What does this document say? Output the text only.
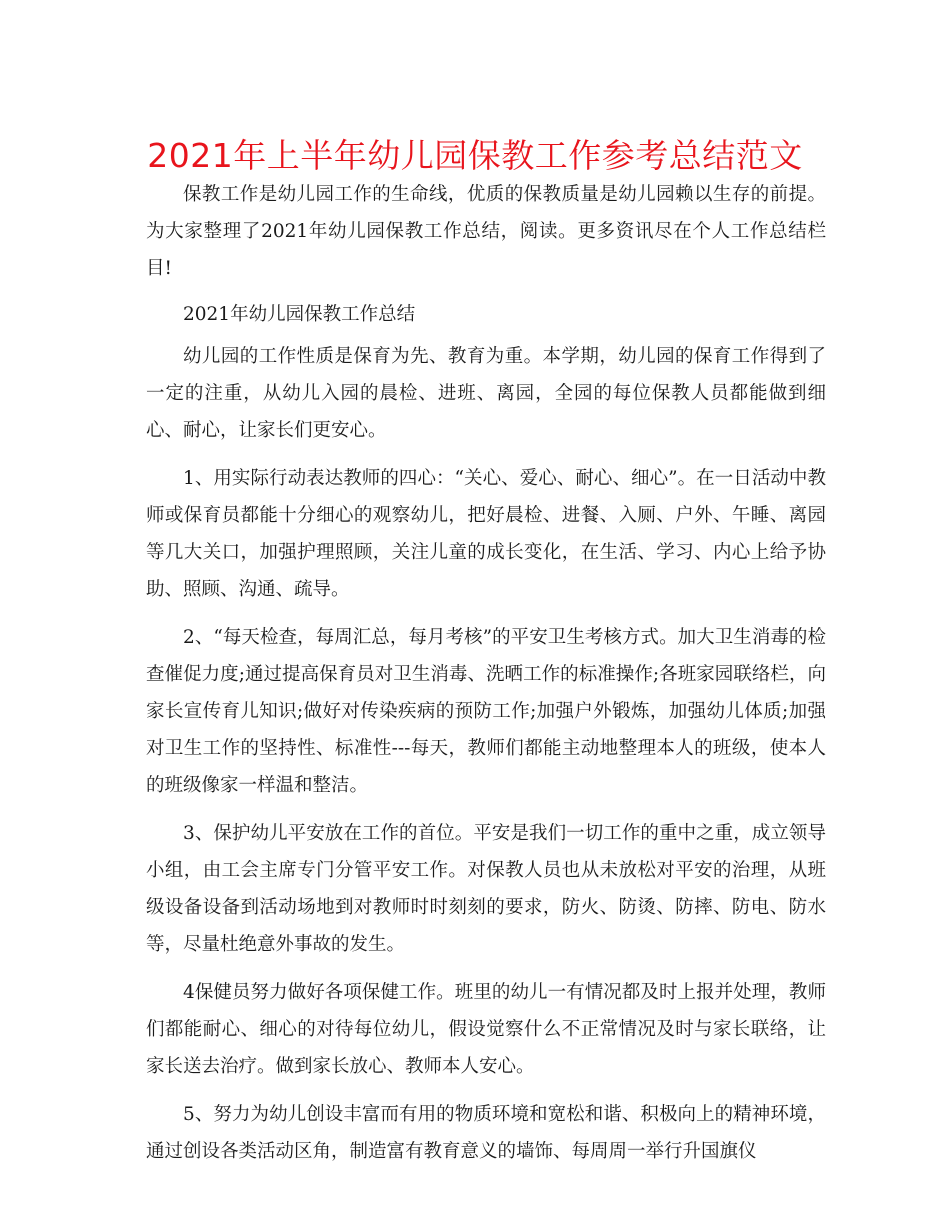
2021年上半年幼儿园保教工作参考总结范文

保教工作是幼儿园工作的生命线，优质的保教质量是幼儿园赖以生存的前提。为大家整理了2021年幼儿园保教工作总结，阅读。更多资讯尽在个人工作总结栏目!

2021年幼儿园保教工作总结

幼儿园的工作性质是保育为先、教育为重。本学期，幼儿园的保育工作得到了一定的注重，从幼儿入园的晨检、进班、离园，全园的每位保教人员都能做到细心、耐心，让家长们更安心。

1、用实际行动表达教师的四心：“关心、爱心、耐心、细心”。在一日活动中教师或保育员都能十分细心的观察幼儿，把好晨检、进餐、入厕、户外、午睡、离园等几大关口，加强护理照顾，关注儿童的成长变化，在生活、学习、内心上给予协助、照顾、沟通、疏导。

2、“每天检查，每周汇总，每月考核”的平安卫生考核方式。加大卫生消毒的检查催促力度;通过提高保育员对卫生消毒、洗晒工作的标准操作;各班家园联络栏，向家长宣传育儿知识;做好对传染疾病的预防工作;加强户外锻炼，加强幼儿体质;加强对卫生工作的坚持性、标准性---每天，教师们都能主动地整理本人的班级，使本人的班级像家一样温和整洁。

3、保护幼儿平安放在工作的首位。平安是我们一切工作的重中之重，成立领导小组，由工会主席专门分管平安工作。对保教人员也从未放松对平安的治理，从班级设备设备到活动场地到对教师时时刻刻的要求，防火、防烫、防摔、防电、防水等，尽量杜绝意外事故的发生。

4保健员努力做好各项保健工作。班里的幼儿一有情况都及时上报并处理，教师们都能耐心、细心的对待每位幼儿，假设觉察什么不正常情况及时与家长联络，让家长送去治疗。做到家长放心、教师本人安心。

5、努力为幼儿创设丰富而有用的物质环境和宽松和谐、积极向上的精神环境，通过创设各类活动区角，制造富有教育意义的墙饰、每周周一举行升国旗仪
